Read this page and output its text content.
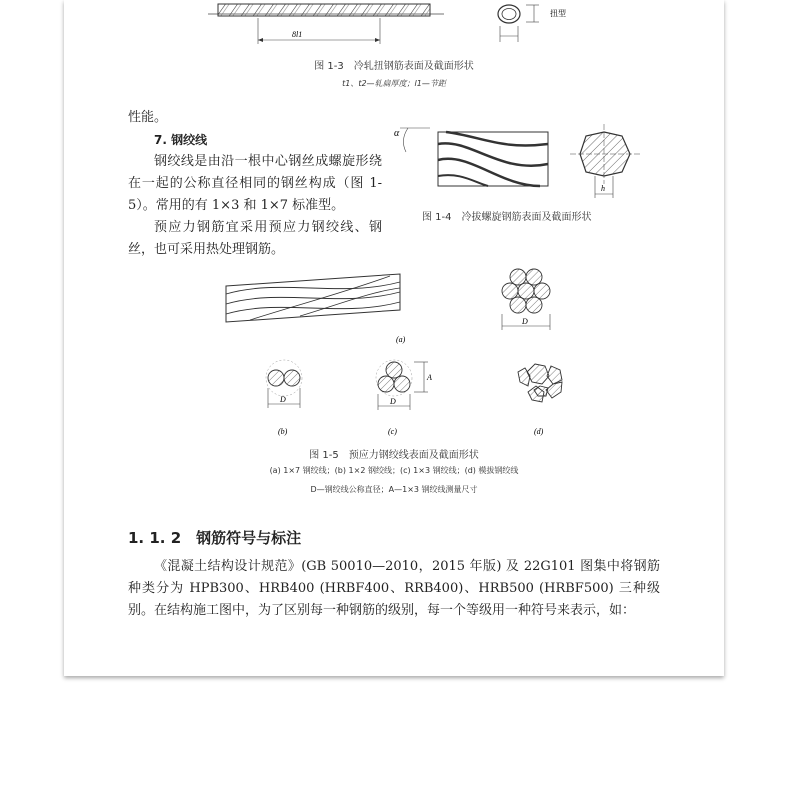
8l1
扭型
图 1-3　冷轧扭钢筋表面及截面形状
t1、t2—轧扁厚度；l1—节距
性能。
7. 钢绞线
钢绞线是由沿一根中心钢丝成螺旋形绕在一起的公称直径相同的钢丝构成（图 1-5）。常用的有 1×3 和 1×7 标准型。
预应力钢筋宜采用预应力钢绞线、钢丝，也可采用热处理钢筋。
α
h
图 1-4　冷拔螺旋钢筋表面及截面形状
D
(a)
D
(b)
D
A
(c)	(d)
图 1-5　预应力钢绞线表面及截面形状
(a) 1×7 钢绞线；(b) 1×2 钢绞线；(c) 1×3 钢绞线；(d) 模拔钢绞线
D—钢绞线公称直径；A—1×3 钢绞线测量尺寸
1. 1. 2　钢筋符号与标注
《混凝土结构设计规范》(GB 50010—2010，2015 年版) 及 22G101 图集中将钢筋种类分为 HPB300、HRB400 (HRBF400、RRB400)、HRB500 (HRBF500) 三种级别。在结构施工图中，为了区别每一种钢筋的级别，每一个等级用一种符号来表示，如：
